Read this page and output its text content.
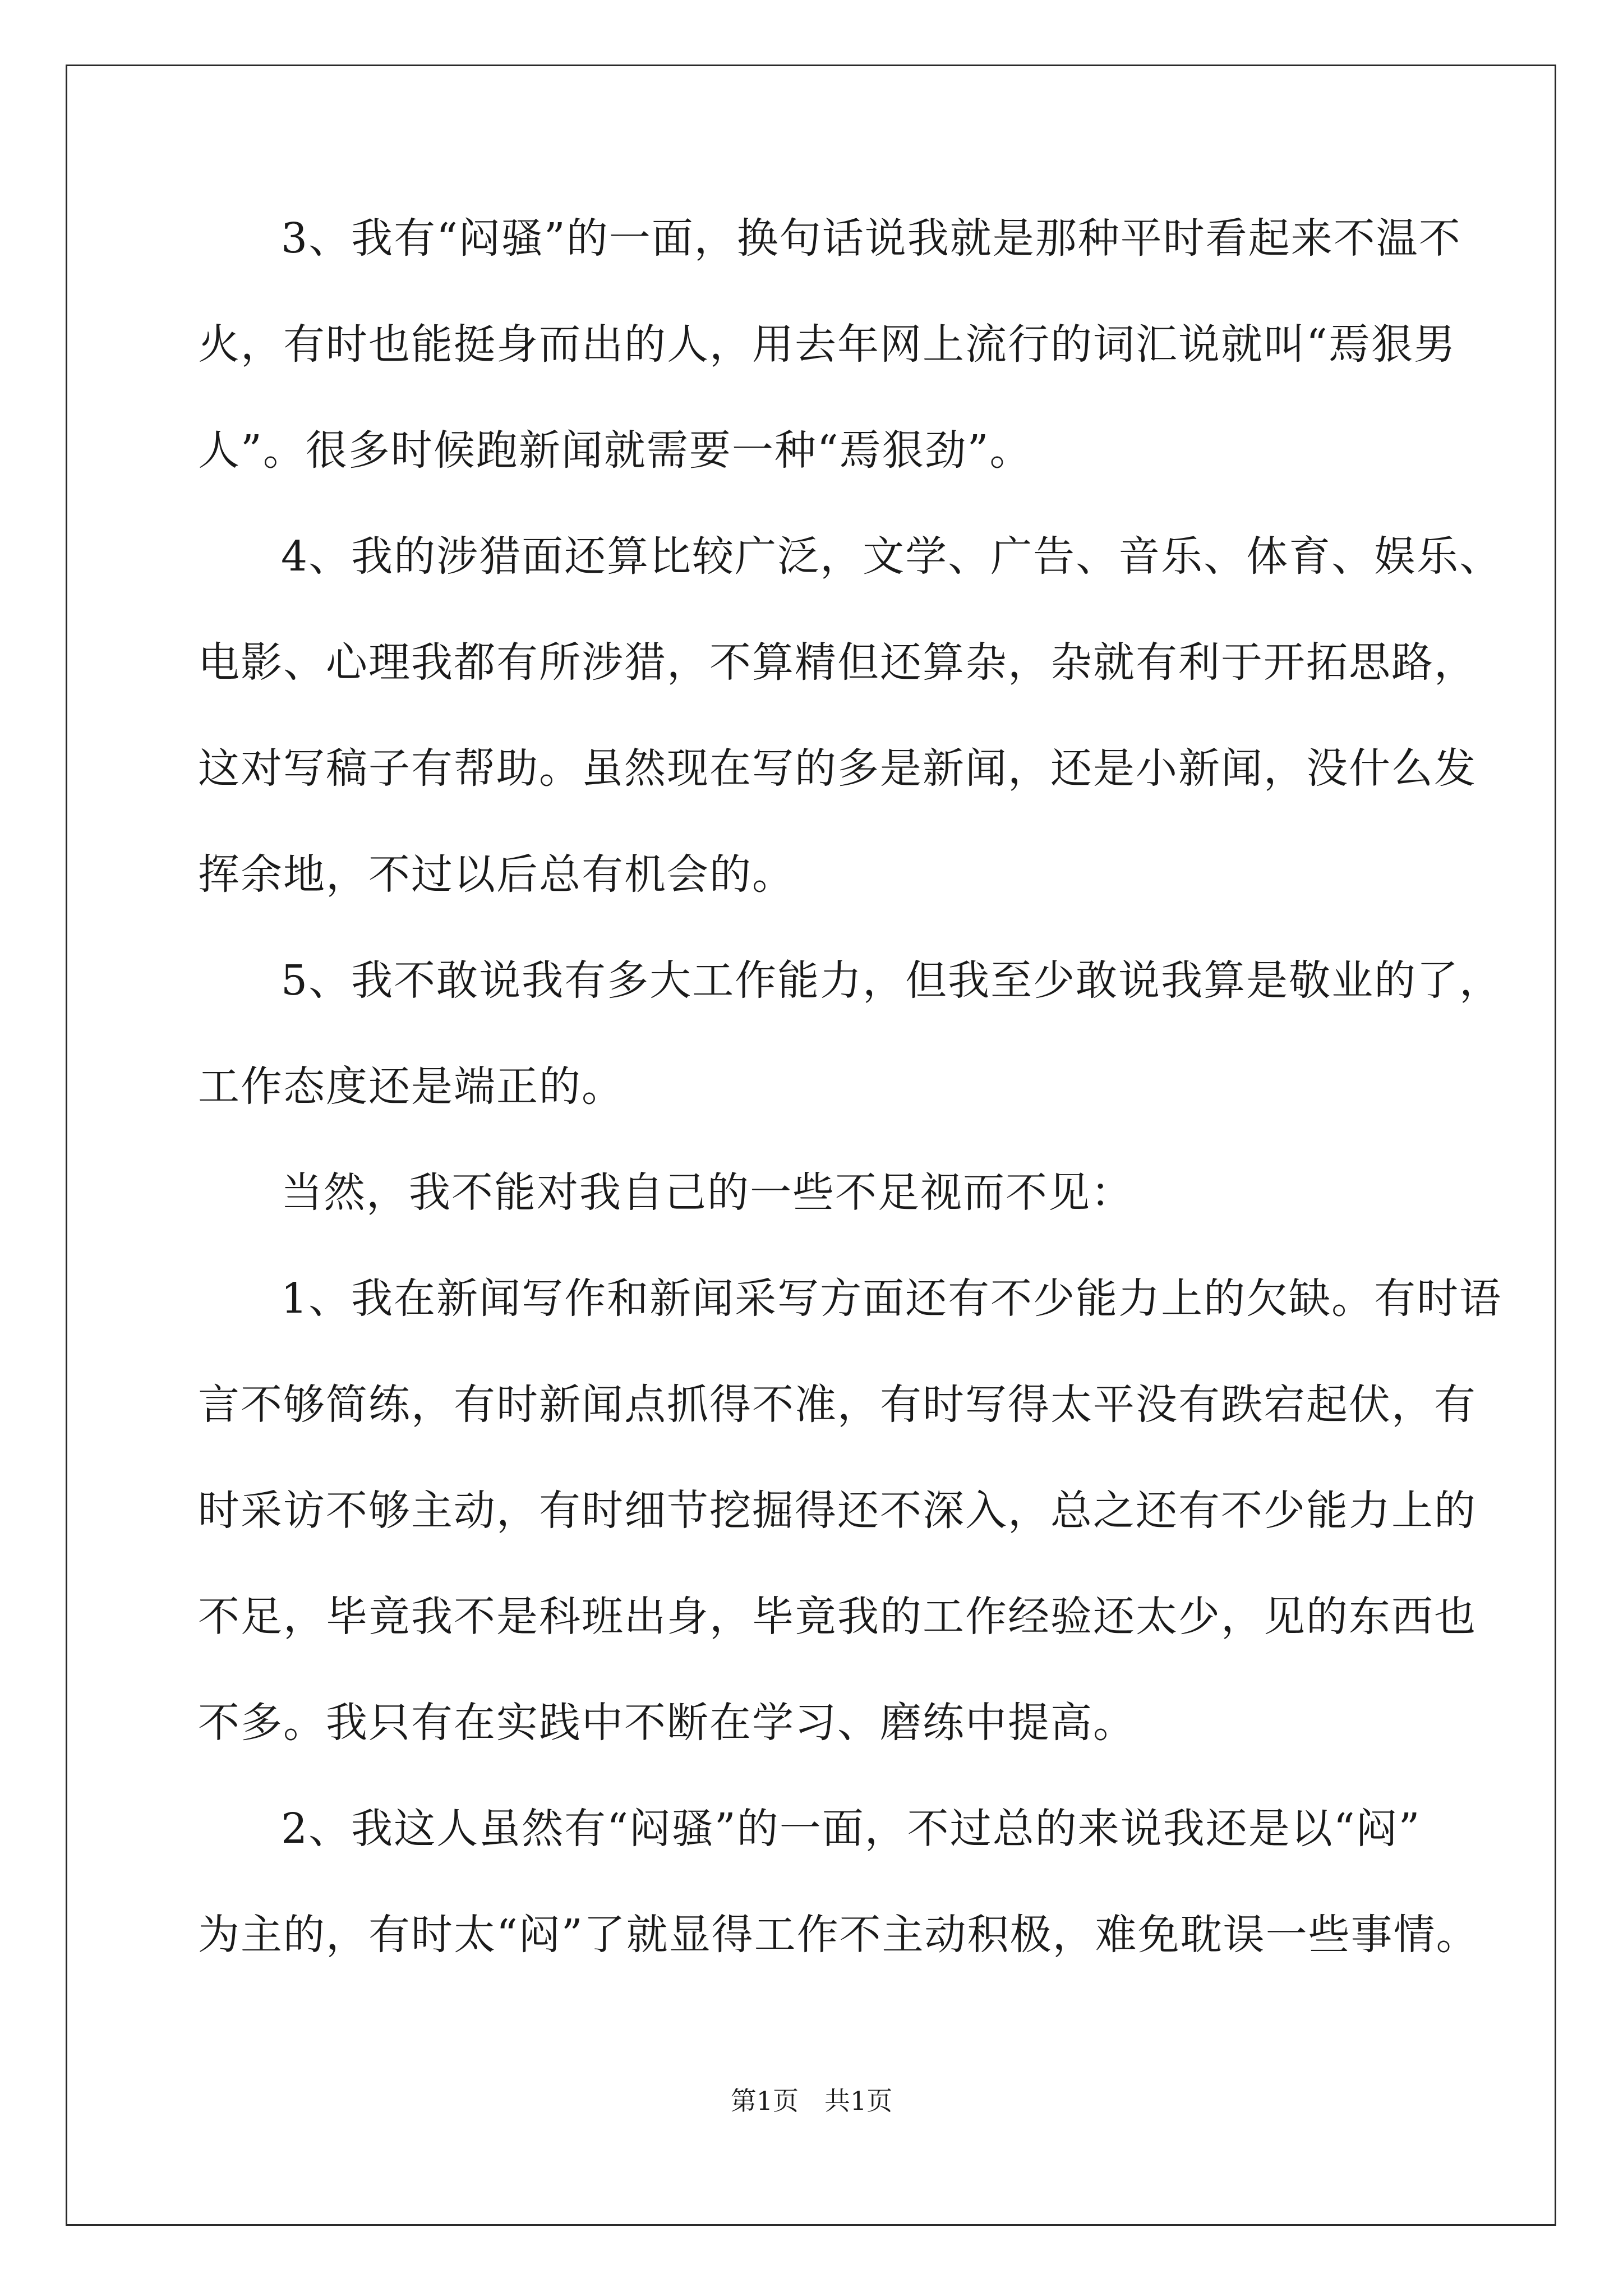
3、我有“闷骚”的一面，换句话说我就是那种平时看起来不温不
火，有时也能挺身而出的人，用去年网上流行的词汇说就叫“焉狠男
人”。很多时候跑新闻就需要一种“焉狠劲”。
4、我的涉猎面还算比较广泛，文学、广告、音乐、体育、娱乐、
电影、心理我都有所涉猎，不算精但还算杂，杂就有利于开拓思路，
这对写稿子有帮助。虽然现在写的多是新闻，还是小新闻，没什么发
挥余地，不过以后总有机会的。
5、我不敢说我有多大工作能力，但我至少敢说我算是敬业的了，
工作态度还是端正的。
当然，我不能对我自己的一些不足视而不见：
1、我在新闻写作和新闻采写方面还有不少能力上的欠缺。有时语
言不够简练，有时新闻点抓得不准，有时写得太平没有跌宕起伏，有
时采访不够主动，有时细节挖掘得还不深入，总之还有不少能力上的
不足，毕竟我不是科班出身，毕竟我的工作经验还太少，见的东西也
不多。我只有在实践中不断在学习、磨练中提高。
2、我这人虽然有“闷骚”的一面，不过总的来说我还是以“闷”
为主的，有时太“闷”了就显得工作不主动积极，难免耽误一些事情。
第1页　共1页
